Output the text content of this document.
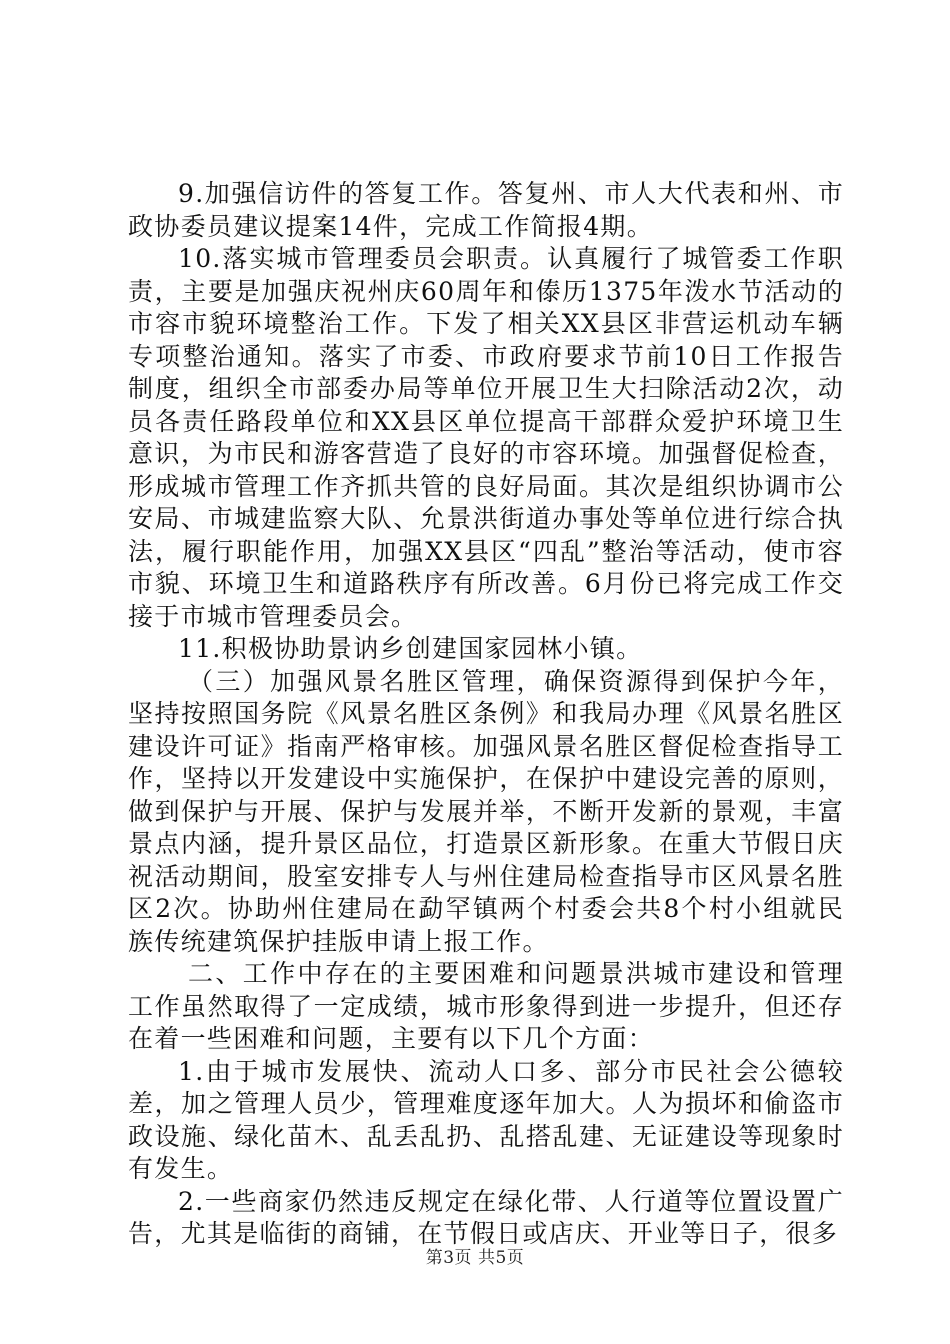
9.加强信访件的答复工作。答复州、市人大代表和州、市政协委员建议提案14件，完成工作简报4期。

10.落实城市管理委员会职责。认真履行了城管委工作职责，主要是加强庆祝州庆60周年和傣历1375年泼水节活动的市容市貌环境整治工作。下发了相关XX县区非营运机动车辆专项整治通知。落实了市委、市政府要求节前10日工作报告制度，组织全市部委办局等单位开展卫生大扫除活动2次，动员各责任路段单位和XX县区单位提高干部群众爱护环境卫生意识，为市民和游客营造了良好的市容环境。加强督促检查，形成城市管理工作齐抓共管的良好局面。其次是组织协调市公安局、市城建监察大队、允景洪街道办事处等单位进行综合执法，履行职能作用，加强XX县区“四乱”整治等活动，使市容市貌、环境卫生和道路秩序有所改善。6月份已将完成工作交接于市城市管理委员会。

11.积极协助景讷乡创建国家园林小镇。

（三）加强风景名胜区管理，确保资源得到保护今年，坚持按照国务院《风景名胜区条例》和我局办理《风景名胜区建设许可证》指南严格审核。加强风景名胜区督促检查指导工作，坚持以开发建设中实施保护，在保护中建设完善的原则，做到保护与开展、保护与发展并举，不断开发新的景观，丰富景点内涵，提升景区品位，打造景区新形象。在重大节假日庆祝活动期间，股室安排专人与州住建局检查指导市区风景名胜区2次。协助州住建局在勐罕镇两个村委会共8个村小组就民族传统建筑保护挂版申请上报工作。

二、工作中存在的主要困难和问题景洪城市建设和管理工作虽然取得了一定成绩，城市形象得到进一步提升，但还存在着一些困难和问题，主要有以下几个方面：

1.由于城市发展快、流动人口多、部分市民社会公德较差，加之管理人员少，管理难度逐年加大。人为损坏和偷盗市政设施、绿化苗木、乱丢乱扔、乱搭乱建、无证建设等现象时有发生。

2.一些商家仍然违反规定在绿化带、人行道等位置设置广告，尤其是临街的商铺，在节假日或店庆、开业等日子，很多

第3页 共5页
